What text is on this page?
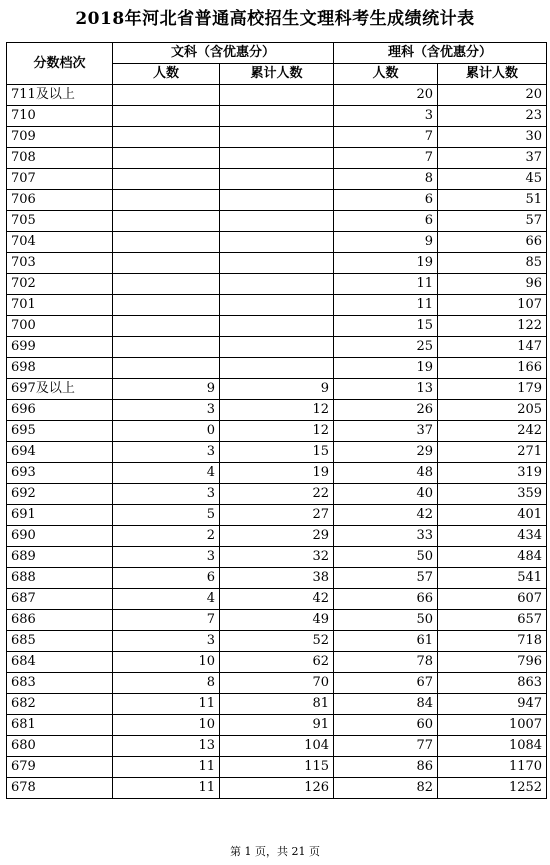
2018年河北省普通高校招生文理科考生成绩统计表
分数档次	文科（含优惠分）		理科（含优惠分）	
	人数	累计人数	人数	累计人数
711及以上			20	20
710			3	23
709			7	30
708			7	37
707			8	45
706			6	51
705			6	57
704			9	66
703			19	85
702			11	96
701			11	107
700			15	122
699			25	147
698			19	166
697及以上	9	9	13	179
696	3	12	26	205
695	0	12	37	242
694	3	15	29	271
693	4	19	48	319
692	3	22	40	359
691	5	27	42	401
690	2	29	33	434
689	3	32	50	484
688	6	38	57	541
687	4	42	66	607
686	7	49	50	657
685	3	52	61	718
684	10	62	78	796
683	8	70	67	863
682	11	81	84	947
681	10	91	60	1007
680	13	104	77	1084
679	11	115	86	1170
678	11	126	82	1252
第 1 页，共 21 页
